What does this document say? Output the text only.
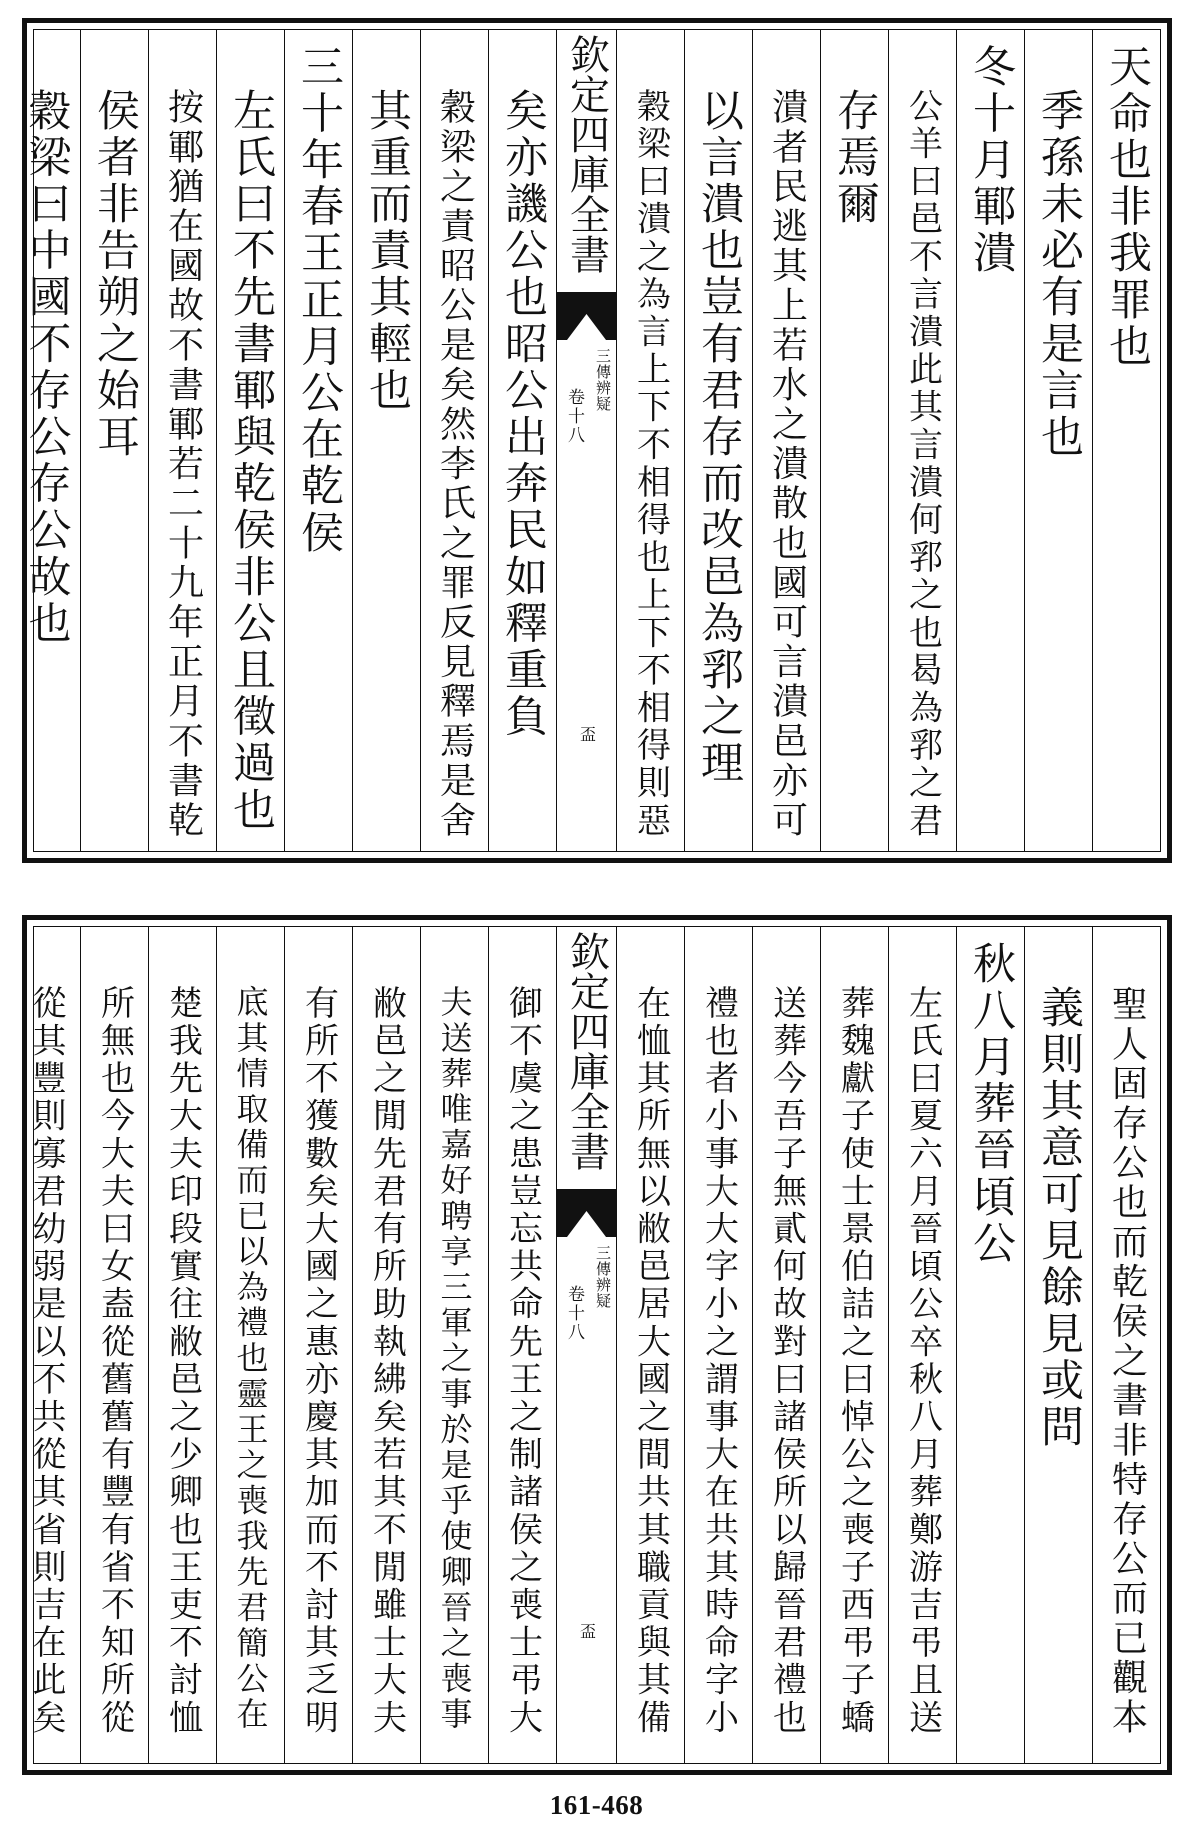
天命也非我罪也
季孫未必有是言也
冬十月鄆潰
公羊曰邑不言潰此其言潰何郛之也曷為郛之君
存焉爾
潰者民逃其上若水之潰散也國可言潰邑亦可
以言潰也豈有君存而改邑為郛之理
穀梁曰潰之為言上下不相得也上下不相得則惡
欽定四庫全書
三傳辨疑
卷十八
盃
矣亦譏公也昭公出奔民如釋重負
穀梁之責昭公是矣然李氏之罪反見釋焉是舍
其重而責其輕也
三十年春王正月公在乾侯
左氏曰不先書鄆與乾侯非公且徵過也
按鄆猶在國故不書鄆若二十九年正月不書乾
侯者非告朔之始耳
穀梁曰中國不存公存公故也
聖人固存公也而乾侯之書非特存公而已觀本
義則其意可見餘見或問
秋八月葬晉頃公
左氏曰夏六月晉頃公卒秋八月葬鄭游吉弔且送
葬魏獻子使士景伯詰之曰悼公之喪子西弔子蟜
送葬今吾子無貳何故對曰諸侯所以歸晉君禮也
禮也者小事大大字小之謂事大在共其時命字小
在恤其所無以敝邑居大國之間共其職貢與其備
欽定四庫全書
三傳辨疑
卷十八
盃
御不虞之患豈忘共命先王之制諸侯之喪士弔大
夫送葬唯嘉好聘享三軍之事於是乎使卿晉之喪事
敝邑之閒先君有所助執紼矣若其不閒雖士大夫
有所不獲數矣大國之惠亦慶其加而不討其乏明
底其情取備而已以為禮也靈王之喪我先君簡公在
楚我先大夫印段實往敝邑之少卿也王吏不討恤
所無也今大夫曰女盍從舊舊有豐有省不知所從
從其豐則寡君幼弱是以不共從其省則吉在此矣
161-468
